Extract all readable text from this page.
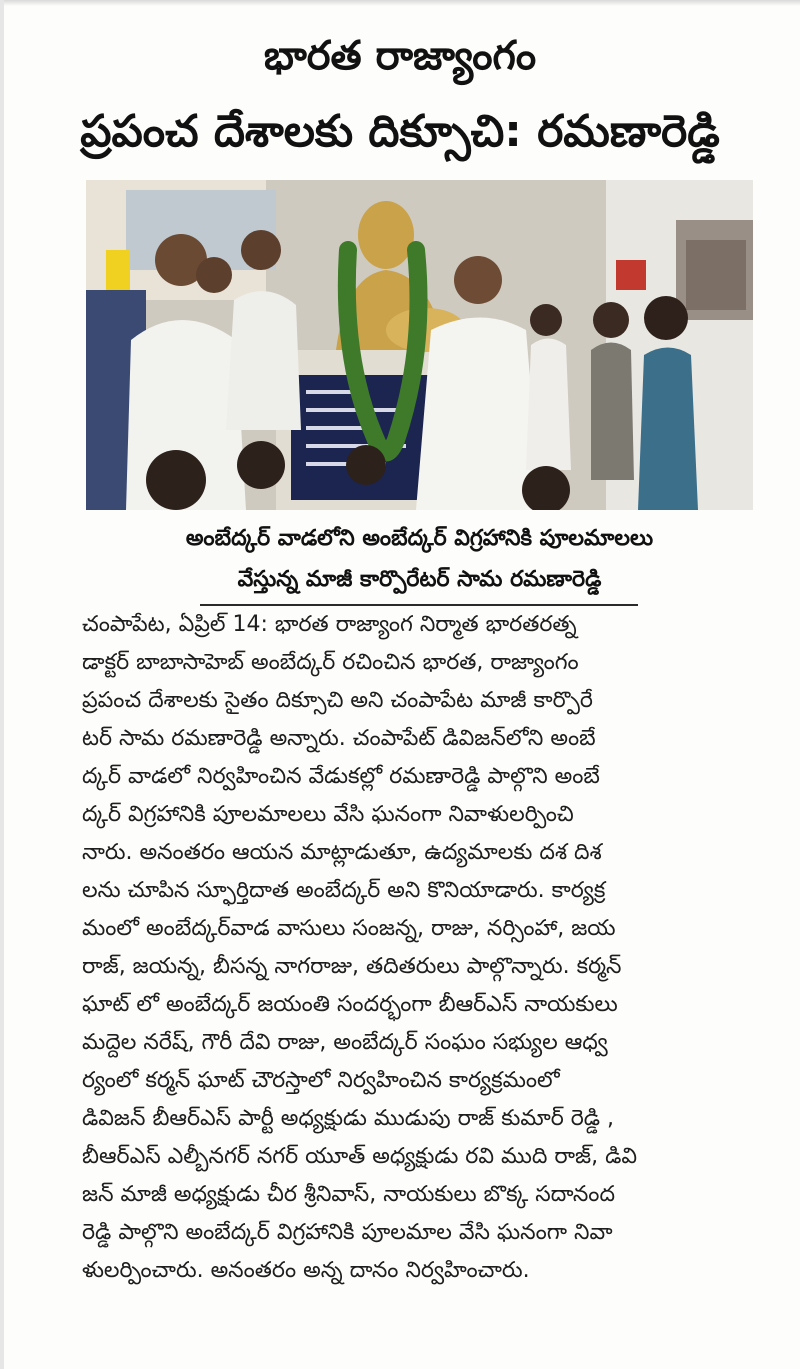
భారత రాజ్యాంగం
ప్రపంచ దేశాలకు దిక్సూచి: రమణారెడ్డి
అంబేద్కర్ వాడలోని అంబేద్కర్ విగ్రహానికి పూలమాలలు
వేస్తున్న మాజీ కార్పొరేటర్ సామ రమణారెడ్డి
చంపాపేట, ఏప్రిల్ 14: భారత రాజ్యాంగ నిర్మాత భారతరత్న
డాక్టర్ బాబాసాహెబ్ అంబేద్కర్ రచించిన భారత, రాజ్యాంగం
ప్రపంచ దేశాలకు సైతం దిక్సూచి అని చంపాపేట మాజీ కార్పొరే
టర్ సామ రమణారెడ్డి అన్నారు. చంపాపేట్ డివిజన్‌లోని అంబే
ద్కర్ వాడలో నిర్వహించిన వేడుకల్లో రమణారెడ్డి పాల్గొని అంబే
ద్కర్ విగ్రహానికి పూలమాలలు వేసి ఘనంగా నివాళులర్పించి
నారు. అనంతరం ఆయన మాట్లాడుతూ, ఉద్యమాలకు దశ దిశ
లను చూపిన స్ఫూర్తిదాత అంబేద్కర్ అని కొనియాడారు. కార్యక్ర
మంలో అంబేద్కర్‌వాడ వాసులు సంజన్న, రాజు, నర్సింహా, జయ
రాజ్, జయన్న, బీసన్న నాగరాజు, తదితరులు పాల్గొన్నారు. కర్మన్
ఘాట్ లో అంబేద్కర్ జయంతి సందర్భంగా బీఆర్ఎస్ నాయకులు
మద్దెల నరేష్, గౌరీ దేవి రాజు, అంబేద్కర్ సంఘం సభ్యుల ఆధ్వ
ర్యంలో కర్మన్ ఘాట్ చౌరస్తాలో నిర్వహించిన కార్యక్రమంలో
డివిజన్ బీఆర్ఎస్ పార్టీ అధ్యక్షుడు ముడుపు రాజ్ కుమార్ రెడ్డి ,
బీఆర్ఎస్ ఎల్బీనగర్ నగర్ యూత్ అధ్యక్షుడు రవి ముది రాజ్, డివి
జన్ మాజీ అధ్యక్షుడు చీర శ్రీనివాస్, నాయకులు బొక్క సదానంద
రెడ్డి పాల్గొని అంబేద్కర్ విగ్రహానికి పూలమాల వేసి ఘనంగా నివా
ళులర్పించారు. అనంతరం అన్న దానం నిర్వహించారు.
